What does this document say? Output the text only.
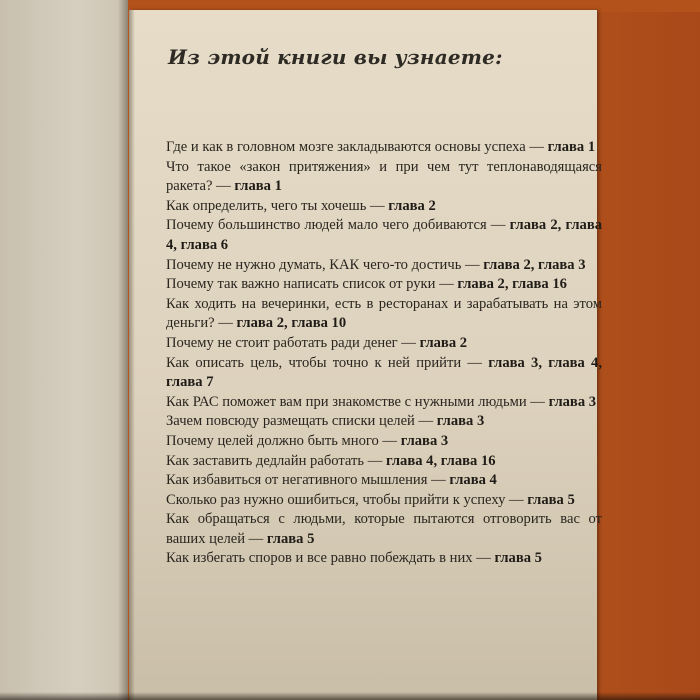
Из этой книги вы узнаете:
Где и как в головном мозге закладываются основы успеха — глава 1
Что такое «закон притяжения» и при чем тут теплонаводящаяся ракета? — глава 1
Как определить, чего ты хочешь — глава 2
Почему большинство людей мало чего добиваются — глава 2, глава 4, глава 6
Почему не нужно думать, КАК чего-то достичь — глава 2, глава 3
Почему так важно написать список от руки — глава 2, глава 16
Как ходить на вечеринки, есть в ресторанах и зарабатывать на этом деньги? — глава 2, глава 10
Почему не стоит работать ради денег — глава 2
Как описать цель, чтобы точно к ней прийти — глава 3, глава 4, глава 7
Как РАС поможет вам при знакомстве с нужными людьми — глава 3
Зачем повсюду размещать списки целей — глава 3
Почему целей должно быть много — глава 3
Как заставить дедлайн работать — глава 4, глава 16
Как избавиться от негативного мышления — глава 4
Сколько раз нужно ошибиться, чтобы прийти к успеху — глава 5
Как обращаться с людьми, которые пытаются отговорить вас от ваших целей — глава 5
Как избегать споров и все равно побеждать в них — глава 5
